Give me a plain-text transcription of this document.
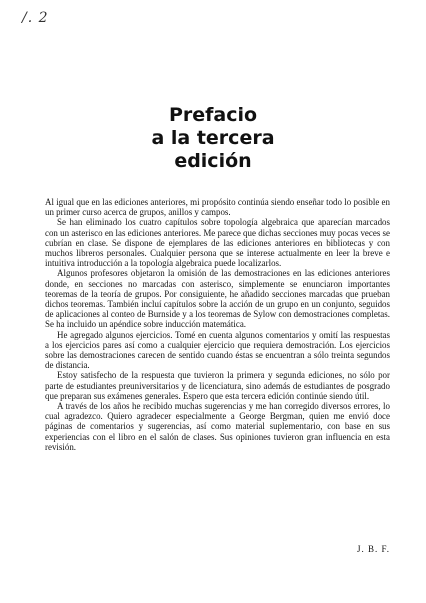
/. 2
Prefacio
a la tercera
edición

Al igual que en las ediciones anteriores, mi propósito continúa siendo enseñar todo lo posible en un primer curso acerca de grupos, anillos y campos.

Se han eliminado los cuatro capítulos sobre topología algebraica que aparecían marcados con un asterisco en las ediciones anteriores. Me parece que dichas secciones muy pocas veces se cubrían en clase. Se dispone de ejemplares de las ediciones anteriores en bibliotecas y con muchos libreros personales. Cualquier persona que se interese actualmente en leer la breve e intuitiva introducción a la topología algebraica puede localizarlos.

Algunos profesores objetaron la omisión de las demostraciones en las ediciones anteriores donde, en secciones no marcadas con asterisco, simplemente se enunciaron importantes teoremas de la teoría de grupos. Por consiguiente, he añadido secciones marcadas que prueban dichos teoremas. También incluí capítulos sobre la acción de un grupo en un conjunto, seguidos de aplicaciones al conteo de Burnside y a los teoremas de Sylow con demostraciones completas. Se ha incluido un apéndice sobre inducción matemática.

He agregado algunos ejercicios. Tomé en cuenta algunos comentarios y omití las respuestas a los ejercicios pares así como a cualquier ejercicio que requiera demostración. Los ejercicios sobre las demostraciones carecen de sentido cuando éstas se encuentran a sólo treinta segundos de distancia.

Estoy satisfecho de la respuesta que tuvieron la primera y segunda ediciones, no sólo por parte de estudiantes preuniversitarios y de licenciatura, sino además de estudiantes de posgrado que preparan sus exámenes generales. Espero que esta tercera edición continúe siendo útil.

A través de los años he recibido muchas sugerencias y me han corregido diversos errores, lo cual agradezco. Quiero agradecer especialmente a George Bergman, quien me envió doce páginas de comentarios y sugerencias, así como material suplementario, con base en sus experiencias con el libro en el salón de clases. Sus opiniones tuvieron gran influencia en esta revisión.

J. B. F.
